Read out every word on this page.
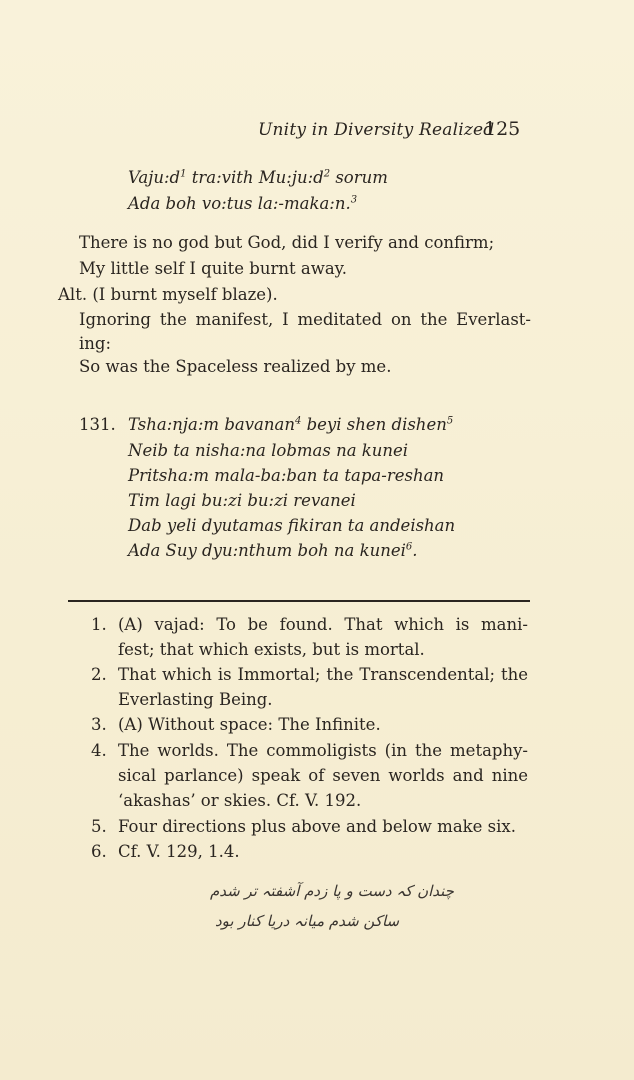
Unity in Diversity Realized
125
$Vaju:d^1$ tra:vith $Mu:ju:d^2$ sorum
Ada boh vo:tus la:-maka:n.$^3$
There is no god but God, did I verify and confirm;
My little self I quite burnt away.
Alt. (I burnt myself blaze).
Ignoring the manifest, I meditated on the Everlast-
ing:
So was the Spaceless realized by me.
131. Tsha:nja:m bavanan$^4$ beyi shen dishen$^5$
Neib ta nisha:na lobmas na kunei
Pritsha:m mala-ba:ban ta tapa-reshan
Tim lagi bu:zi bu:zi revanei
Dab yeli dyutamas fikiran ta andeishan
Ada Suy dyu:nthum boh na kunei$^6$.
1. (A) vajad: To be found. That which is mani-
fest; that which exists, but is mortal.
2. That which is Immortal; the Transcendental; the
Everlasting Being.
3. (A) Without space: The Infinite.
4. The worlds. The commoligists (in the metaphy-
sical parlance) speak of seven worlds and nine
‘akashas’ or skies. Cf. V. 192.
5. Four directions plus above and below make six.
6. Cf. V. 129, 1.4.
چندان کہ دست و پا زدم آشفتہ تر شدم
ساکن شدم میانہ دریا کنار بود
